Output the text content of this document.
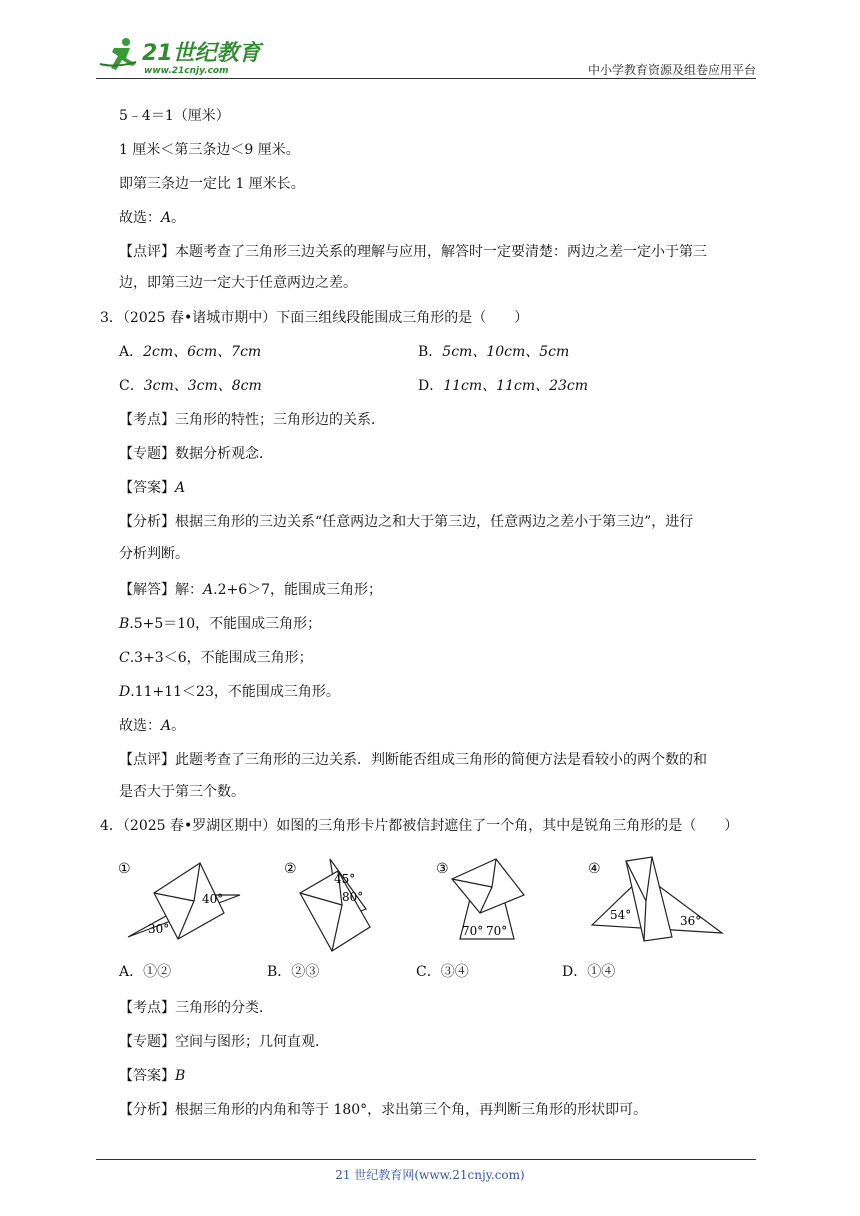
21世纪教育
www.21cnjy.com	中小学教育资源及组卷应用平台
5﹣4＝1（厘米）
1 厘米＜第三条边＜9 厘米。
即第三条边一定比 1 厘米长。
故选：A。
【点评】本题考查了三角形三边关系的理解与应用，解答时一定要清楚：两边之差一定小于第三
边，即第三边一定大于任意两边之差。
3．（2025 春•诸城市期中）下面三组线段能围成三角形的是（　　）
A．2cm、6cm、7cm	B．5cm、10cm、5cm
C．3cm、3cm、8cm	D．11cm、11cm、23cm
【考点】三角形的特性；三角形边的关系．
【专题】数据分析观念．
【答案】A
【分析】根据三角形的三边关系“任意两边之和大于第三边，任意两边之差小于第三边”，进行
分析判断。
【解答】解：A.2+6＞7，能围成三角形；
B.5+5＝10，不能围成三角形；
C.3+3＜6，不能围成三角形；
D.11+11＜23，不能围成三角形。
故选：A。
【点评】此题考查了三角形的三边关系．判断能否组成三角形的简便方法是看较小的两个数的和
是否大于第三个数。
4．（2025 春•罗湖区期中）如图的三角形卡片都被信封遮住了一个角，其中是锐角三角形的是（　　）
①
40°
30°
②
45°
80°
③
70° 70°
④
54°	36°
A．①②	B．②③	C．③④	D．①④
【考点】三角形的分类．
【专题】空间与图形；几何直观．
【答案】B
【分析】根据三角形的内角和等于 180°，求出第三个角，再判断三角形的形状即可。
21 世纪教育网(www.21cnjy.com)
